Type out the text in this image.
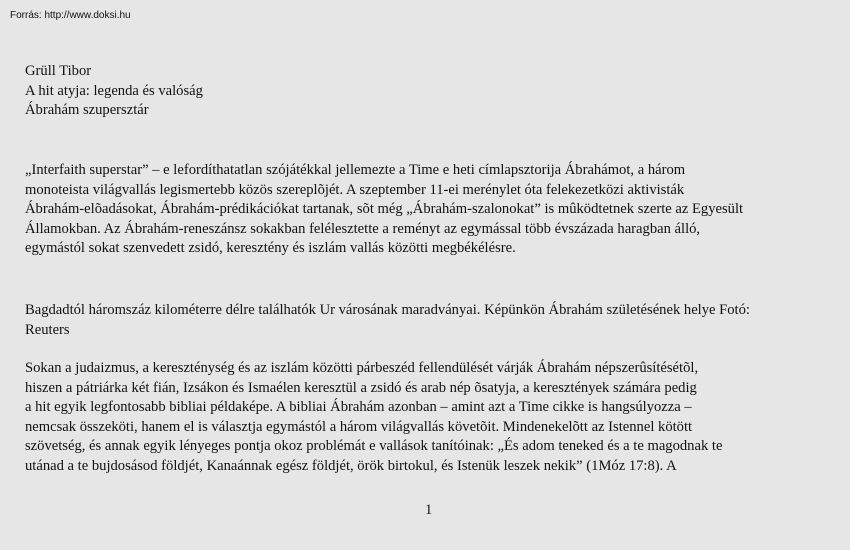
Forrás: http://www.doksi.hu
Grüll Tibor
A hit atyja: legenda és valóság
Ábrahám szupersztár
„Interfaith superstar” – e lefordíthatatlan szójátékkal jellemezte a Time e heti címlapsztorija Ábrahámot, a három
monoteista világvallás legismertebb közös szereplõjét. A szeptember 11-ei merénylet óta felekezetközi aktivisták
Ábrahám-elõadásokat, Ábrahám-prédikációkat tartanak, sõt még „Ábrahám-szalonokat” is mûködtetnek szerte az Egyesült
Államokban. Az Ábrahám-reneszánsz sokakban felélesztette a reményt az egymással több évszázada haragban álló,
egymástól sokat szenvedett zsidó, keresztény és iszlám vallás közötti megbékélésre.
Bagdadtól háromszáz kilométerre délre találhatók Ur városának maradványai. Képünkön Ábrahám születésének helye Fotó:
Reuters
Sokan a judaizmus, a kereszténység és az iszlám közötti párbeszéd fellendülését várják Ábrahám népszerûsítésétõl,
hiszen a pátriárka két fián, Izsákon és Ismaélen keresztül a zsidó és arab nép õsatyja, a keresztények számára pedig
a hit egyik legfontosabb bibliai példaképe. A bibliai Ábrahám azonban – amint azt a Time cikke is hangsúlyozza –
nemcsak összeköti, hanem el is választja egymástól a három világvallás követõit. Mindenekelõtt az Istennel kötött
szövetség, és annak egyik lényeges pontja okoz problémát e vallások tanítóinak: „És adom teneked és a te magodnak te
utánad a te bujdosásod földjét, Kanaánnak egész földjét, örök birtokul, és Istenük leszek nekik” (1Móz 17:8). A
1
